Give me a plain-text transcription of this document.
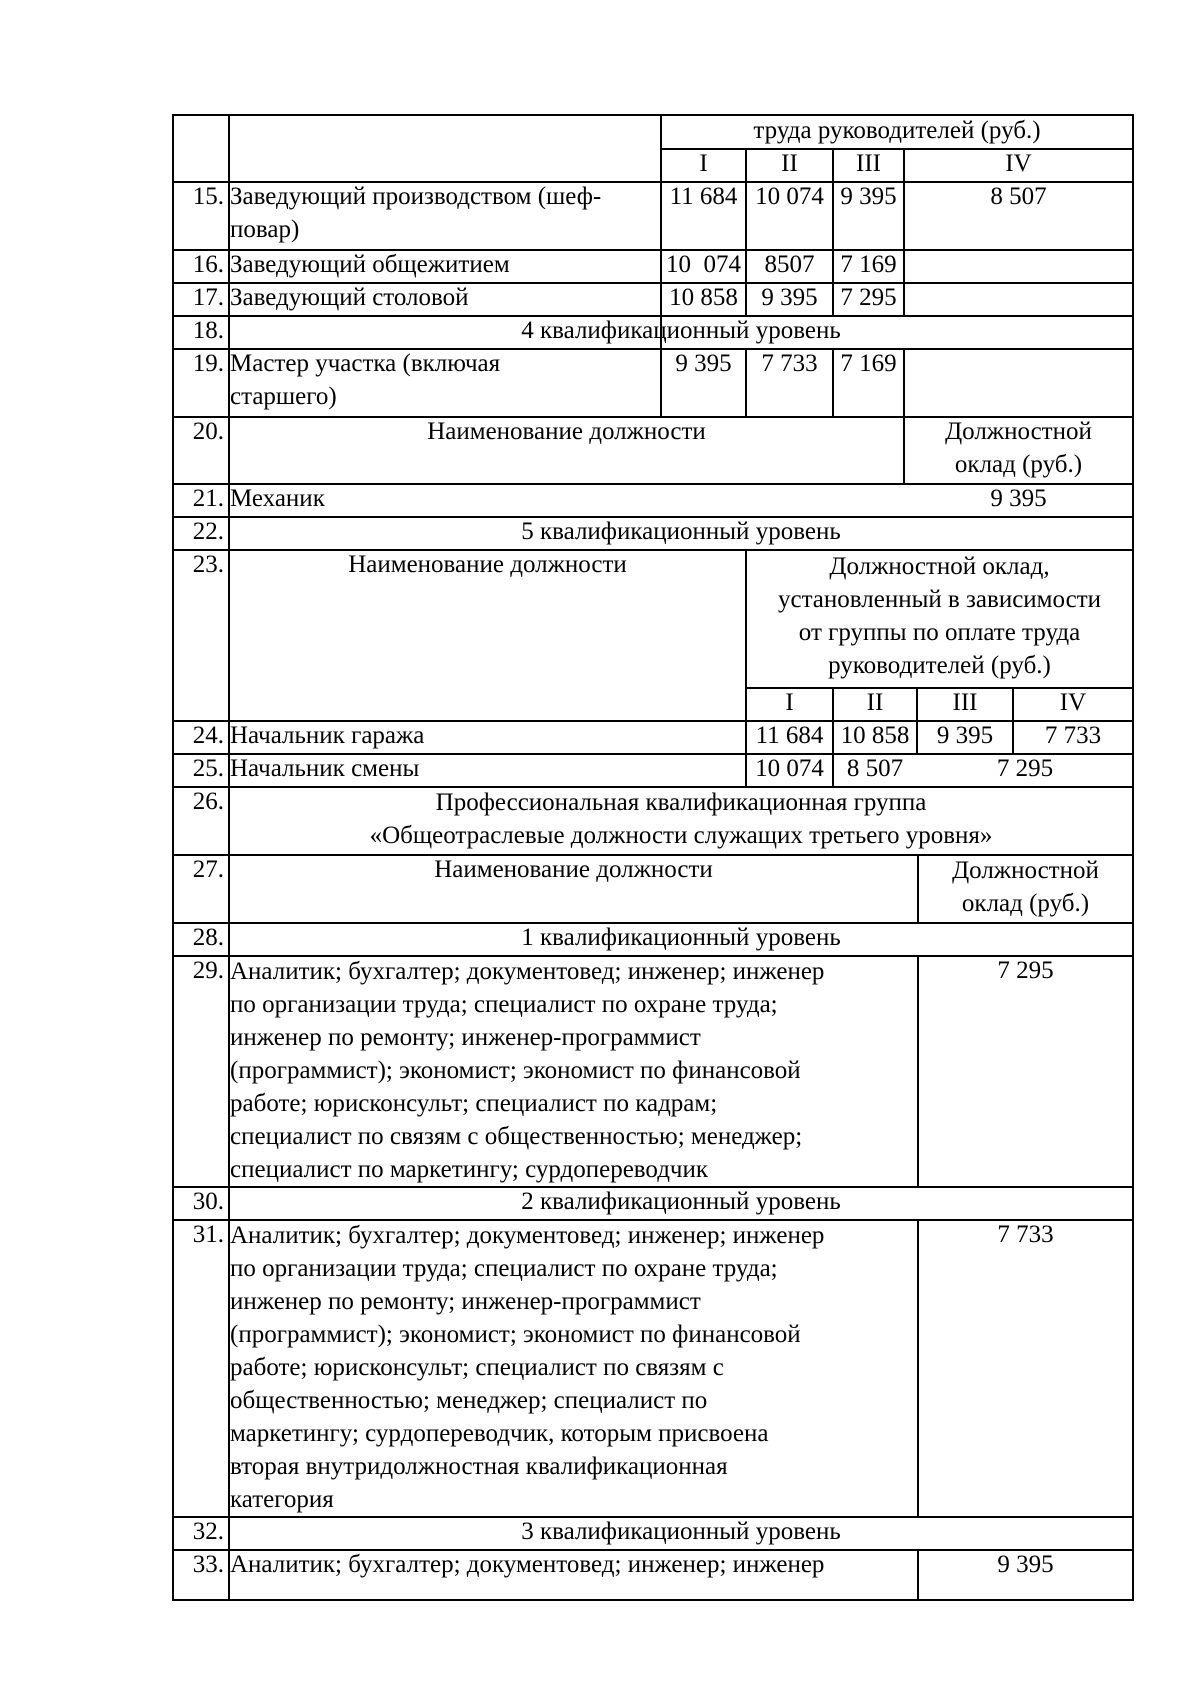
труда руководителей (руб.)
I	II	III	IV
15. Заведующий производством (шеф-
повар)
11 684 10 074 9 395	8 507
16. Заведующий общежитием	10  074 8507	7 169
17. Заведующий столовой	10 858 9 395 7 295
18.	4 квалификационный уровень
19. Мастер участка (включая
старшего)
9 395	7 733 7 169
20.	Наименование должности	Должностной
оклад (руб.)
21. Механик	9 395
22.	5 квалификационный уровень
23.	Наименование должности	Должностной оклад,
установленный в зависимости
от группы по оплате труда
руководителей (руб.)
I	II	III	IV
24. Начальник гаража	11 684 10 858	9 395	7 733
25. Начальник смены	10 074 8 507	7 295
26.	Профессиональная квалификационная группа
«Общеотраслевые должности служащих третьего уровня»
27.	Наименование должности	Должностной
оклад (руб.)
28.	1 квалификационный уровень
29. Аналитик; бухгалтер; документовед; инженер; инженер
по организации труда; специалист по охране труда;
инженер по ремонту; инженер-программист
(программист); экономист; экономист по финансовой
работе; юрисконсульт; специалист по кадрам;
специалист по связям с общественностью; менеджер;
специалист по маркетингу; сурдопереводчик
7 295
30.	2 квалификационный уровень
31. Аналитик; бухгалтер; документовед; инженер; инженер
по организации труда; специалист по охране труда;
инженер по ремонту; инженер-программист
(программист); экономист; экономист по финансовой
работе; юрисконсульт; специалист по связям с
общественностью; менеджер; специалист по
маркетингу; сурдопереводчик, которым присвоена
вторая внутридолжностная квалификационная
категория
7 733
32.	3 квалификационный уровень
33. Аналитик; бухгалтер; документовед; инженер; инженер	9 395
